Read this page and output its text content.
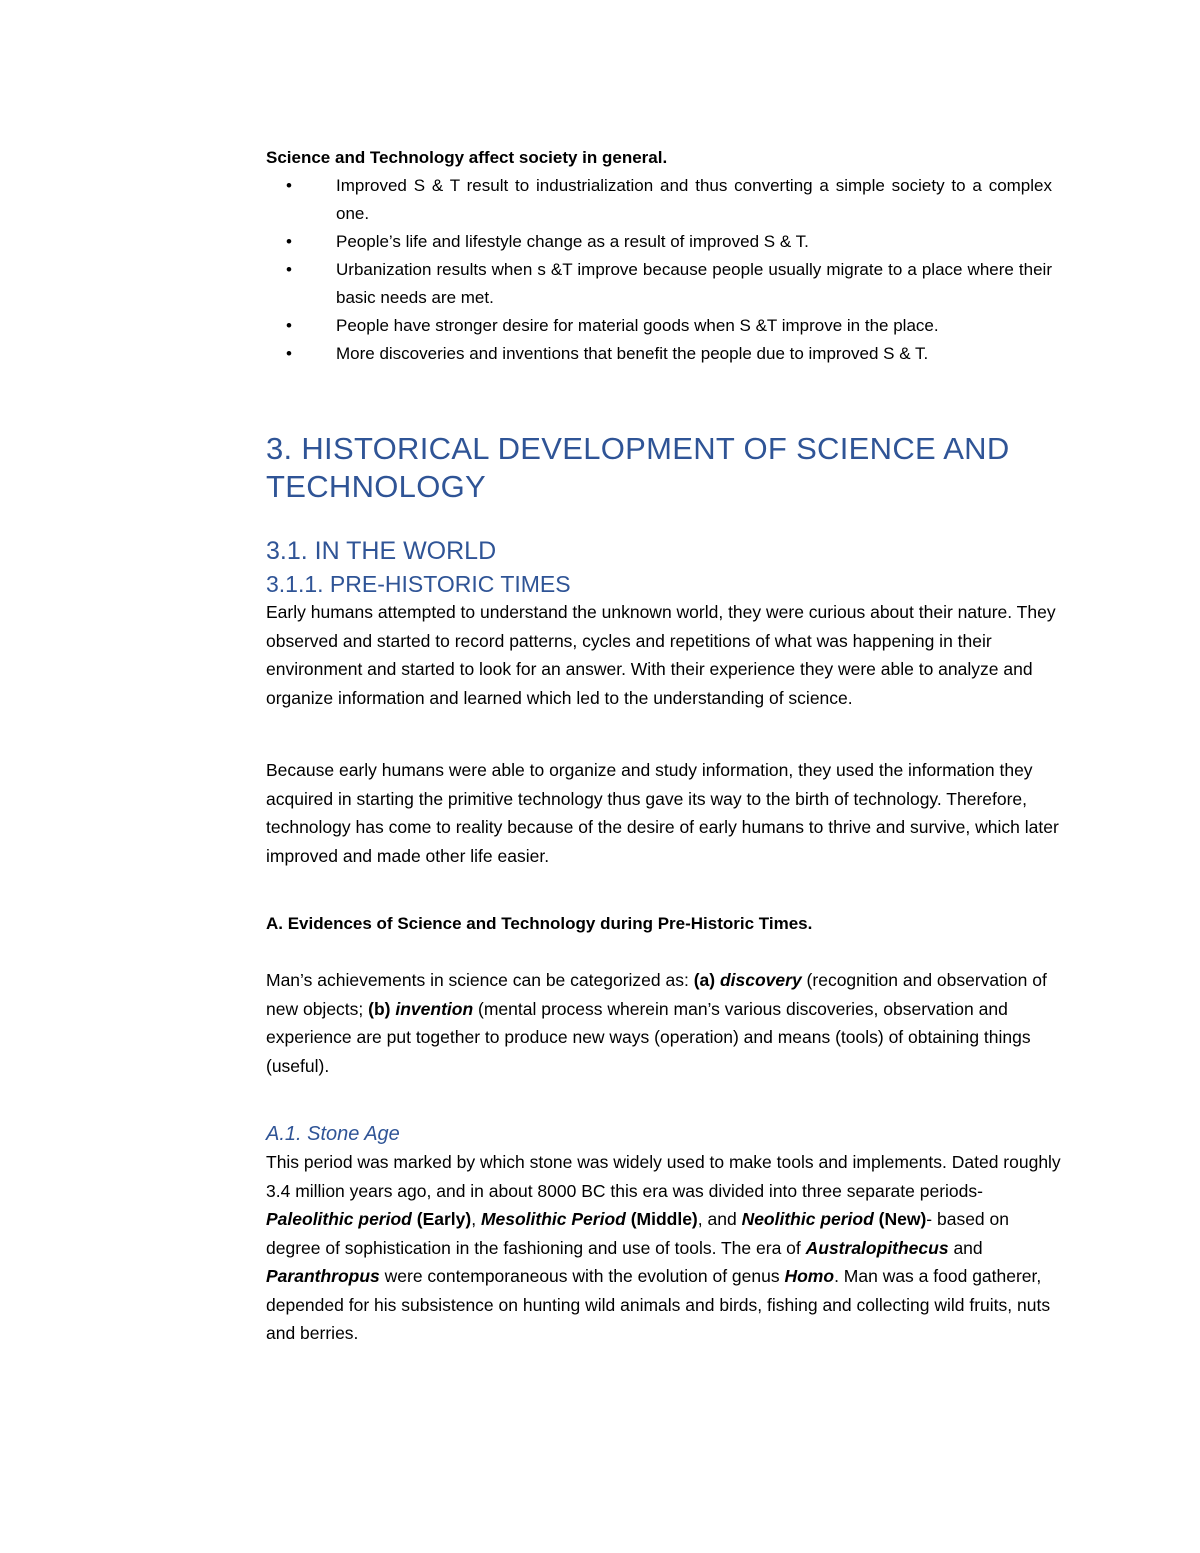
Science and Technology affect society in general.

•	Improved S & T result to industrialization and thus converting a simple society to a complex one.
•	People’s life and lifestyle change as a result of improved S & T.
•	Urbanization results when s &T improve because people usually migrate to a place where their basic needs are met.
•	People have stronger desire for material goods when S &T improve in the place.
•	More discoveries and inventions that benefit the people due to improved S & T.
3. HISTORICAL DEVELOPMENT OF SCIENCE AND TECHNOLOGY
3.1. IN THE WORLD
3.1.1. PRE-HISTORIC TIMES

Early humans attempted to understand the unknown world, they were curious about their nature. They observed and started to record patterns, cycles and repetitions of what was happening in their environment and started to look for an answer. With their experience they were able to analyze and organize information and learned which led to the understanding of science.

Because early humans were able to organize and study information, they used the information they acquired in starting the primitive technology thus gave its way to the birth of technology. Therefore, technology has come to reality because of the desire of early humans to thrive and survive, which later improved and made other life easier.

A. Evidences of Science and Technology during Pre-Historic Times.

Man’s achievements in science can be categorized as: (a) discovery (recognition and observation of new objects; (b) invention (mental process wherein man’s various discoveries, observation and experience are put together to produce new ways (operation) and means (tools) of obtaining things (useful).

A.1. Stone Age

This period was marked by which stone was widely used to make tools and implements. Dated roughly 3.4 million years ago, and in about 8000 BC this era was divided into three separate periods- Paleolithic period (Early), Mesolithic Period (Middle), and Neolithic period (New)- based on degree of sophistication in the fashioning and use of tools. The era of Australopithecus and Paranthropus were contemporaneous with the evolution of genus Homo. Man was a food gatherer, depended for his subsistence on hunting wild animals and birds, fishing and collecting wild fruits, nuts and berries.
